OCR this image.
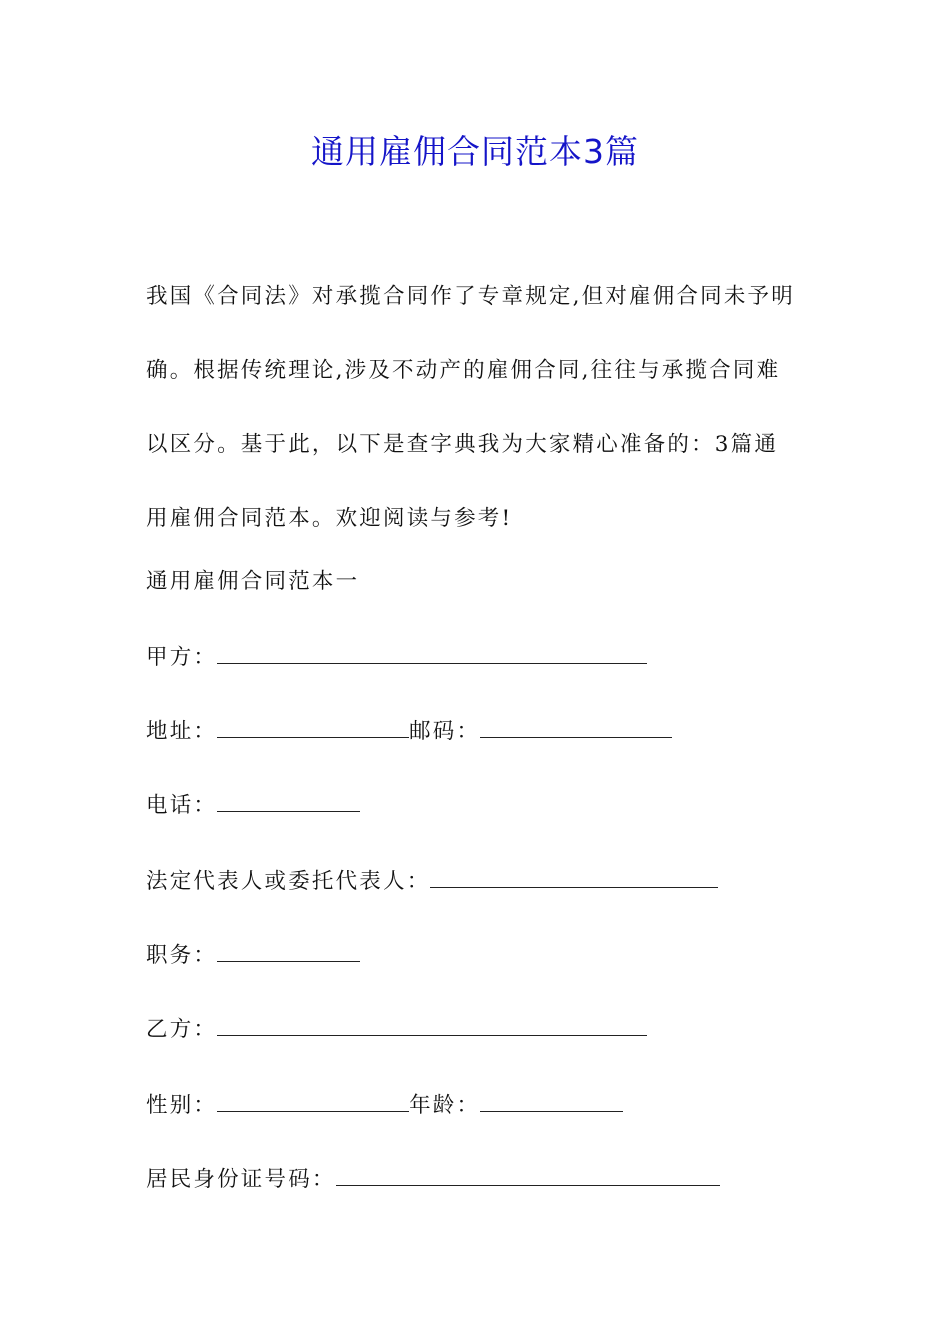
通用雇佣合同范本3篇
我国《合同法》对承揽合同作了专章规定,但对雇佣合同未予明
确。根据传统理论,涉及不动产的雇佣合同,往往与承揽合同难
以区分。基于此，以下是查字典我为大家精心准备的：3篇通
用雇佣合同范本。欢迎阅读与参考!
通用雇佣合同范本一
甲方：
地址：	邮码：
电话：
法定代表人或委托代表人：
职务：
乙方：
性别：	年龄：
居民身份证号码：
